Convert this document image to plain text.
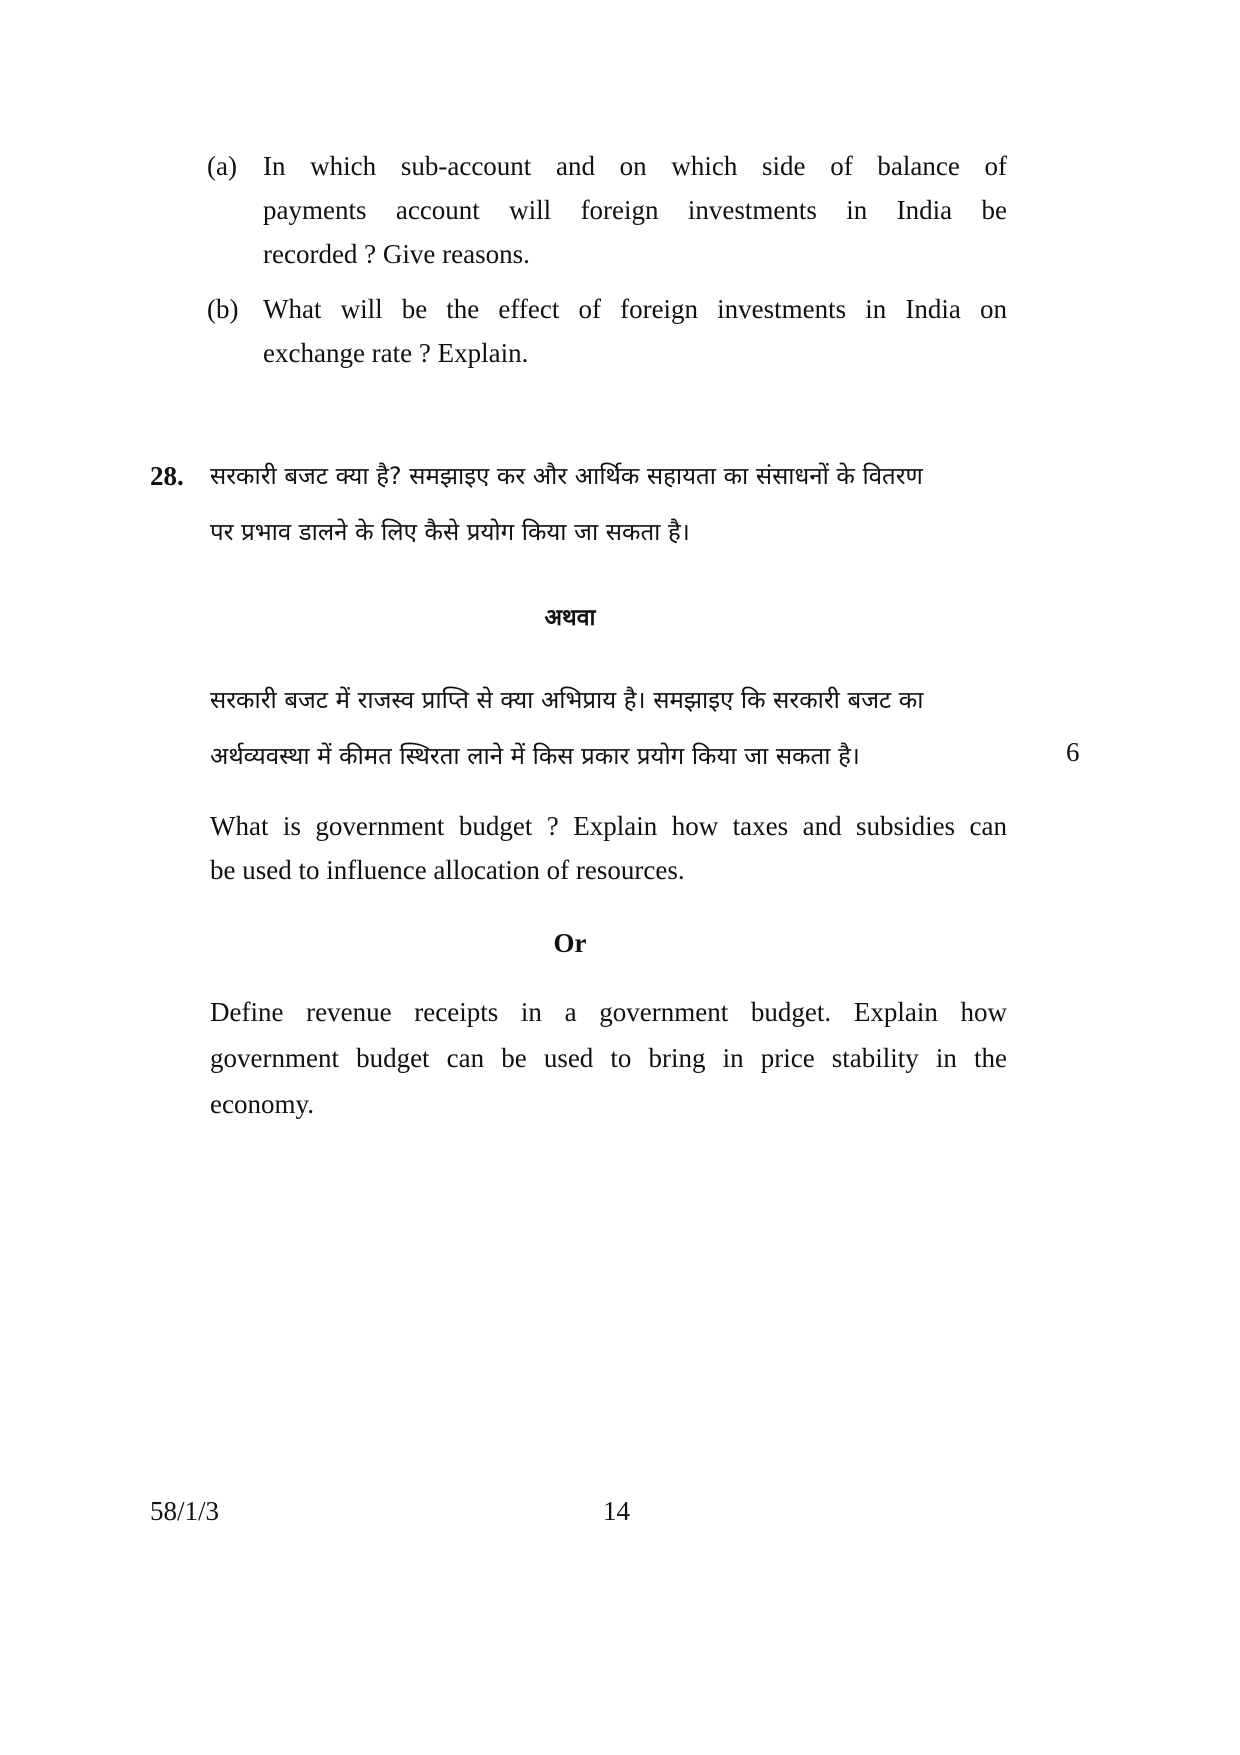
(a) In which sub-account and on which side of balance of
payments account will foreign investments in India be
recorded ? Give reasons.
(b) What will be the effect of foreign investments in India on
exchange rate ? Explain.
28. सरकारी बजट क्या है? समझाइए कर और आर्थिक सहायता का संसाधनों के वितरण
पर प्रभाव डालने के लिए कैसे प्रयोग किया जा सकता है।
अथवा
सरकारी बजट में राजस्व प्राप्ति से क्या अभिप्राय है। समझाइए कि सरकारी बजट का
अर्थव्यवस्था में कीमत स्थिरता लाने में किस प्रकार प्रयोग किया जा सकता है।	6
What is government budget ? Explain how taxes and subsidies can
be used to influence allocation of resources.
Or
Define revenue receipts in a government budget. Explain how
government budget can be used to bring in price stability in the
economy.
58/1/3	14
